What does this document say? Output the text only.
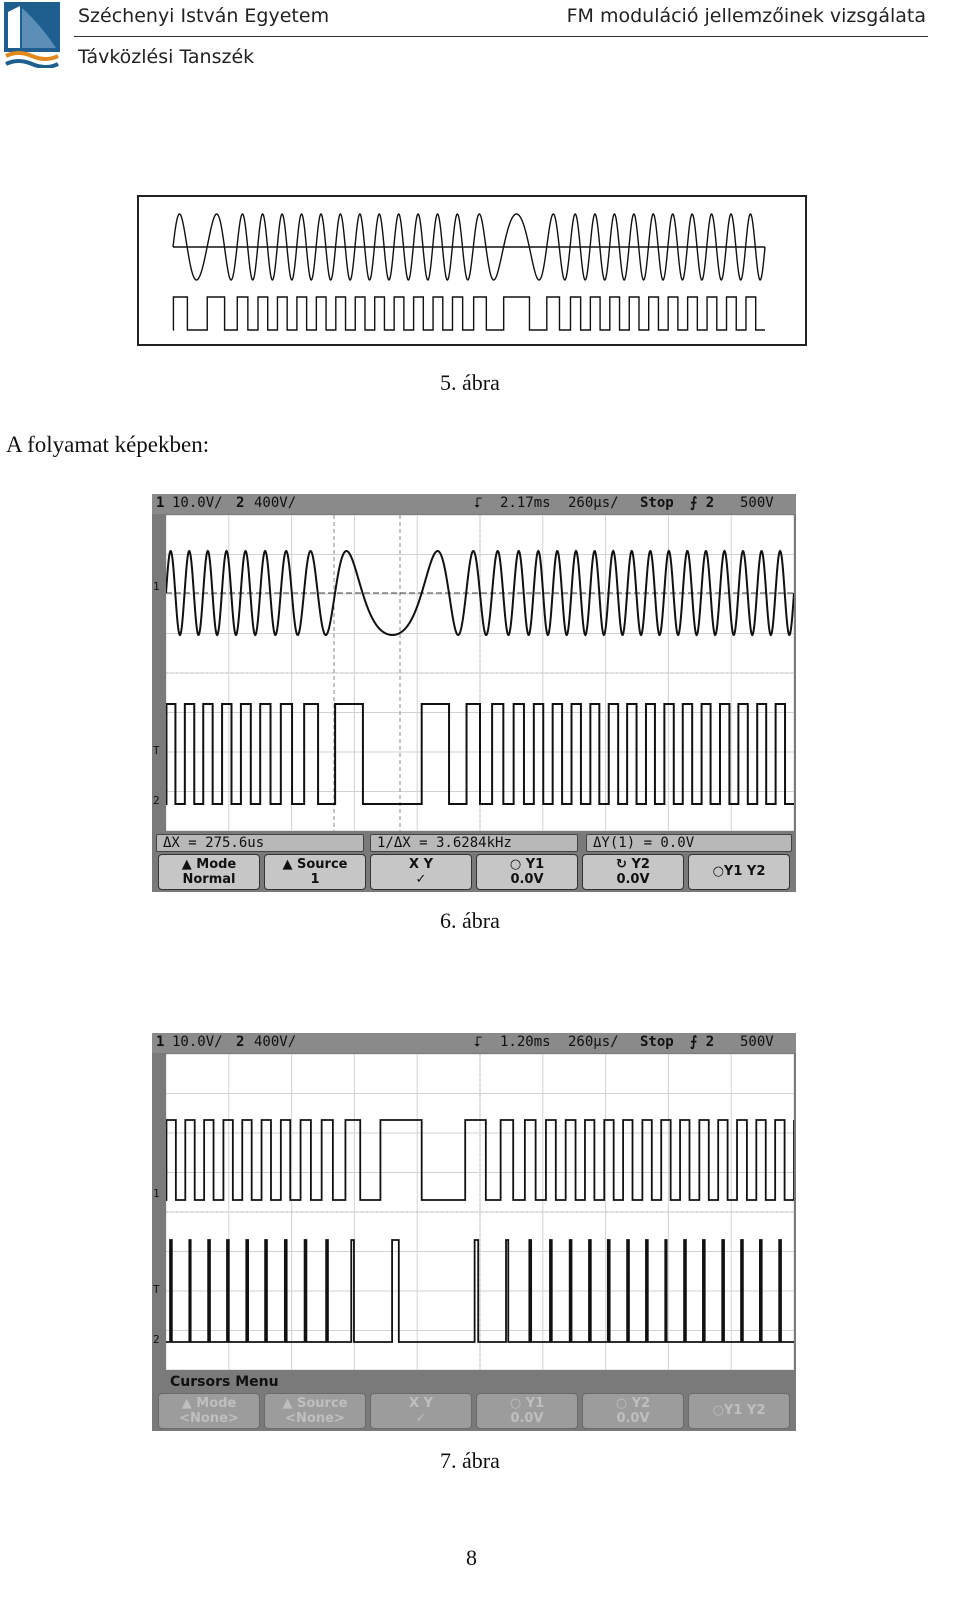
Széchenyi István Egyetem	FM moduláció jellemzőinek vizsgálata
Távközlési Tanszék
5. ábra
A folyamat képekben:
1 10.0V/ 2 400V/	⮦ 2.17ms 260µs/ Stop ⨍ 2 500V
1
T
2
ΔX = 275.6us	1/ΔX = 3.6284kHz	ΔY(1) = 0.0V
▲ Mode
Normal
▲ Source
1
X Y
✓
○ Y1
0.0V
↻ Y2
0.0V
○Y1 Y2
6. ábra
1 10.0V/ 2 400V/	⮦ 1.20ms 260µs/ Stop ⨍ 2 500V
1
T
2
Cursors Menu
▲ Mode
<None>
▲ Source
<None>
X Y
✓
○ Y1
0.0V
○ Y2
0.0V
○Y1 Y2
7. ábra
8
